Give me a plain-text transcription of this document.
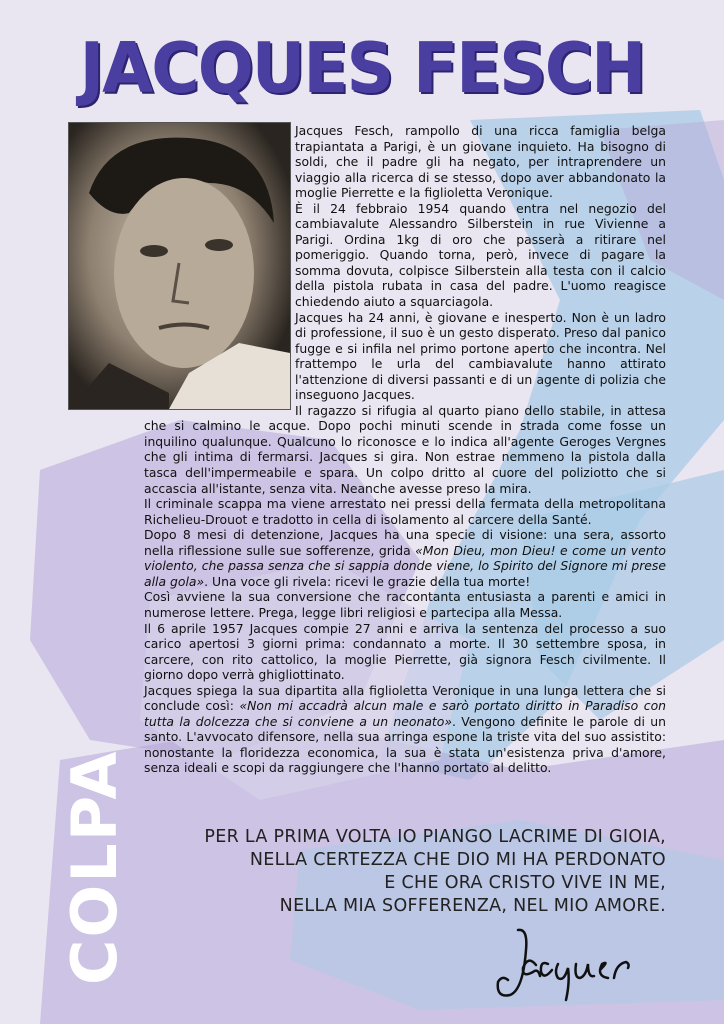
JACQUES FESCH

Jacques Fesch, rampollo di una ricca famiglia belga trapiantata a Parigi, è un giovane inquieto. Ha bisogno di soldi, che il padre gli ha negato, per intraprendere un viaggio alla ricerca di se stesso, dopo aver abbandonato la moglie Pierrette e la figlioletta Veronique.

È il 24 febbraio 1954 quando entra nel negozio del cambiavalute Alessandro Silberstein in rue Vivienne a Parigi. Ordina 1kg di oro che passerà a ritirare nel pomeriggio. Quando torna, però, invece di pagare la somma dovuta, colpisce Silberstein alla testa con il calcio della pistola rubata in casa del padre. L'uomo reagisce chiedendo aiuto a squarciagola.

Jacques ha 24 anni, è giovane e inesperto. Non è un ladro di professione, il suo è un gesto disperato. Preso dal panico fugge e si infila nel primo portone aperto che incontra. Nel frattempo le urla del cambiavalute hanno attirato l'attenzione di diversi passanti e di un agente di polizia che inseguono Jacques.

Il ragazzo si rifugia al quarto piano dello stabile, in attesa che si calmino le acque. Dopo pochi minuti scende in strada come fosse un inquilino qualunque. Qualcuno lo riconosce e lo indica all'agente Geroges Vergnes che gli intima di fermarsi. Jacques si gira. Non estrae nemmeno la pistola dalla tasca dell'impermeabile e spara. Un colpo dritto al cuore del poliziotto che si accascia all'istante, senza vita. Neanche avesse preso la mira.

Il criminale scappa ma viene arrestato nei pressi della fermata della metropolitana Richelieu-Drouot e tradotto in cella di isolamento al carcere della Santé.

Dopo 8 mesi di detenzione, Jacques ha una specie di visione: una sera, assorto nella riflessione sulle sue sofferenze, grida «Mon Dieu, mon Dieu! e come un vento violento, che passa senza che si sappia donde viene, lo Spirito del Signore mi prese alla gola». Una voce gli rivela: ricevi le grazie della tua morte!

Così avviene la sua conversione che raccontanta entusiasta a parenti e amici in numerose lettere. Prega, legge libri religiosi e partecipa alla Messa.

Il 6 aprile 1957 Jacques compie 27 anni e arriva la sentenza del processo a suo carico apertosi 3 giorni prima: condannato a morte. Il 30 settembre sposa, in carcere, con rito cattolico, la moglie Pierrette, già signora Fesch civilmente. Il giorno dopo verrà ghigliottinato.

Jacques spiega la sua dipartita alla figlioletta Veronique in una lunga lettera che si conclude così: «Non mi accadrà alcun male e sarò portato diritto in Paradiso con tutta la dolcezza che si conviene a un neonato». Vengono definite le parole di un santo. L'avvocato difensore, nella sua arringa espone la triste vita del suo assistito: nonostante la floridezza economica, la sua è stata un'esistenza priva d'amore, senza ideali e scopi da raggiungere che l'hanno portato al delitto.

PER LA PRIMA VOLTA IO PIANGO LACRIME DI GIOIA,
NELLA CERTEZZA CHE DIO MI HA PERDONATO
E CHE ORA CRISTO VIVE IN ME,
NELLA MIA SOFFERENZA, NEL MIO AMORE.
COLPA
